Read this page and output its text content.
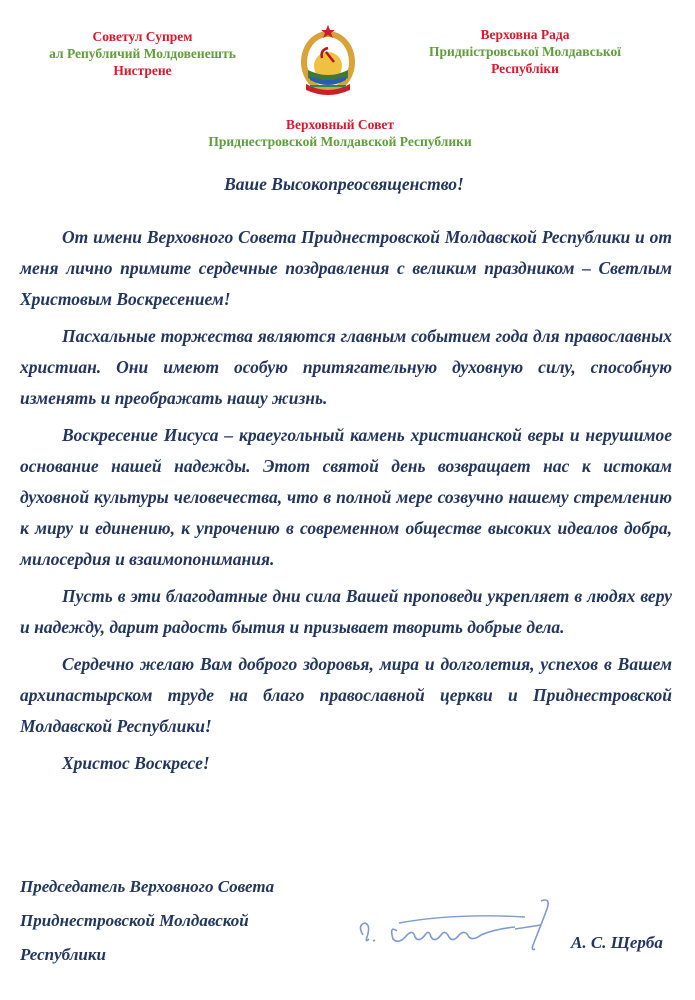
Советул Супрем
ал Републичий Молдовенешть
Нистрене
Верховна Рада
Придністровської Молдавської
Республіки
Верховный Совет
Приднестровской Молдавской Республики
Ваше Высокопреосвященство!

От имени Верховного Совета Приднестровской Молдавской Республики и от меня лично примите сердечные поздравления с великим праздником – Светлым Христовым Воскресением!

Пасхальные торжества являются главным событием года для православных христиан. Они имеют особую притягательную духовную силу, способную изменять и преображать нашу жизнь.

Воскресение Иисуса – краеугольный камень христианской веры и нерушимое основание нашей надежды. Этот святой день возвращает нас к истокам духовной культуры человечества, что в полной мере созвучно нашему стремлению к миру и единению, к упрочению в современном обществе высоких идеалов добра, милосердия и взаимопонимания.

Пусть в эти благодатные дни сила Вашей проповеди укрепляет в людях веру и надежду, дарит радость бытия и призывает творить добрые дела.

Сердечно желаю Вам доброго здоровья, мира и долголетия, успехов в Вашем архипастырском труде на благо православной церкви и Приднестровской Молдавской Республики!

Христос Воскресе!

Председатель Верховного Совета
Приднестровской Молдавской
Республики
А. С. Щерба
